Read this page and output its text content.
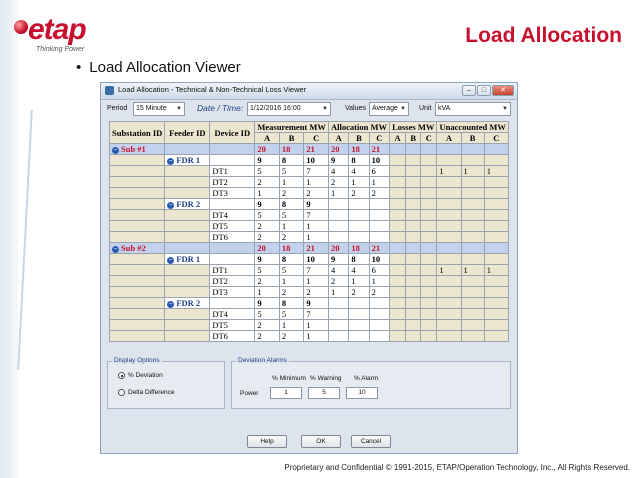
etap
Thinking Power
Load Allocation
• Load Allocation Viewer
Load Allocation - Technical & Non-Technical Loss Viewer	–	□	✕
Period	15 Minute ▼ Date / Time: 1/12/2016 16:00	▼ Values Average ▼ Unit kVA	▼
Substation ID	Feeder ID	Device ID	Measurement MW			Allocation MW			Losses MW			Unaccounted MW		
			A	B	C	A	B	C	A	B	C	A	B	C
– Sub #1			20	18	21	20	18	21						
	– FDR 1		9	8	10	9	8	10						
		DT1	5	5	7	4	4	6				1	1	1
		DT2	2	1	1	2	1	1						
		DT3	1	2	2	1	2	2						
	– FDR 2		9	8	9									
		DT4	5	5	7									
		DT5	2	1	1									
		DT6	2	2	1									
– Sub #2			20	18	21	20	18	21						
	– FDR 1		9	8	10	9	8	10						
		DT1	5	5	7	4	4	6				1	1	1
		DT2	2	1	1	2	1	1						
		DT3	1	2	2	1	2	2						
	– FDR 2		9	8	9									
		DT4	5	5	7									
		DT5	2	1	1									
		DT6	2	2	1									
Display Options
% Deviation
Delta Difference
Deviation Alarms
% Minimum % Warning % Alarm
Power	1	5	10
Help	OK	Cancel
Proprietary and Confidential © 1991-2015, ETAP/Operation Technology, Inc., All Rights Reserved.
